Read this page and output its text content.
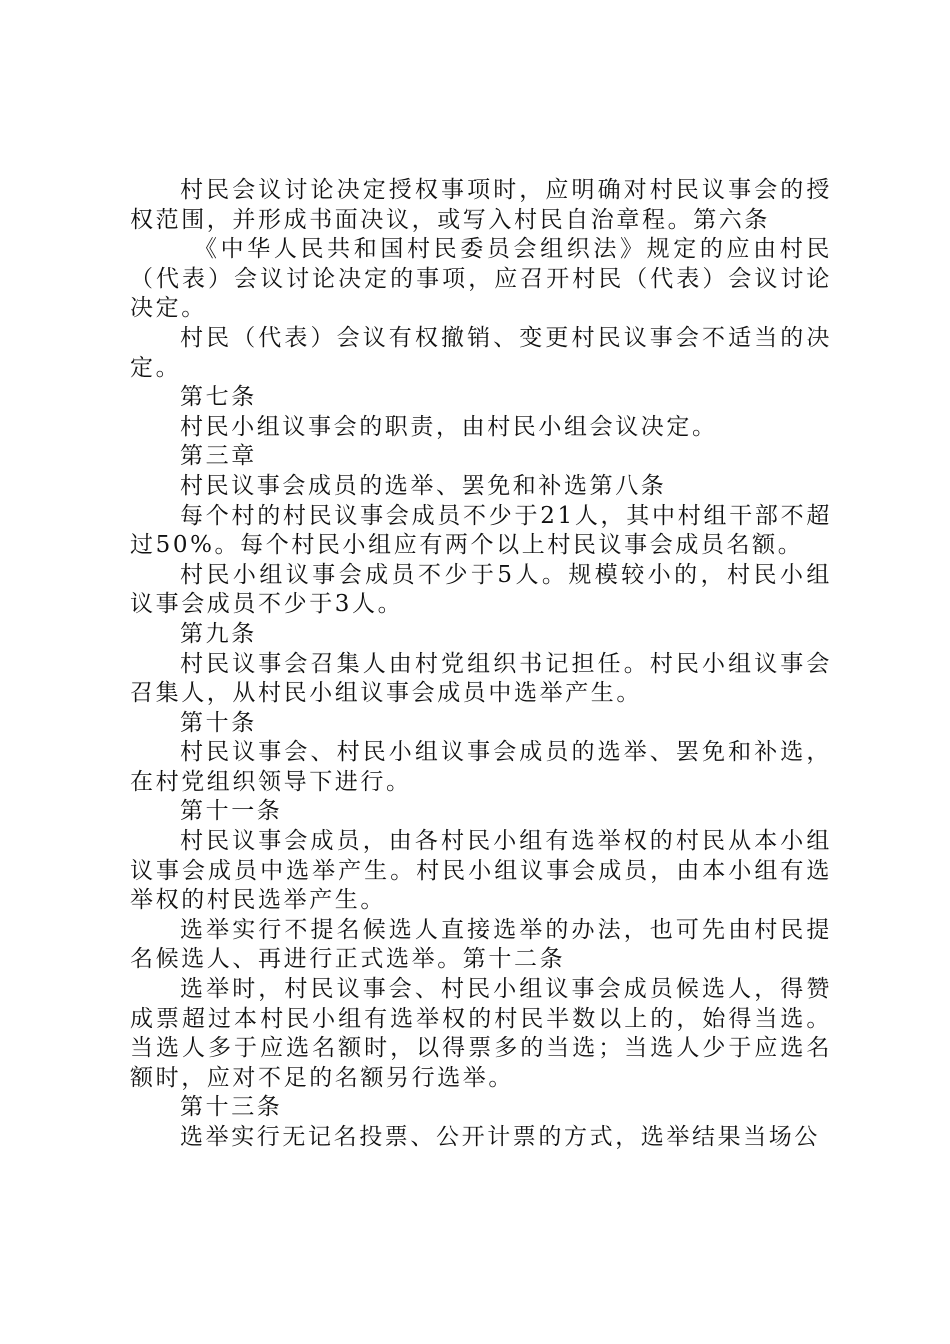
村民会议讨论决定授权事项时，应明确对村民议事会的授权范围，并形成书面决议，或写入村民自治章程。第六条

《中华人民共和国村民委员会组织法》规定的应由村民（代表）会议讨论决定的事项，应召开村民（代表）会议讨论决定。

村民（代表）会议有权撤销、变更村民议事会不适当的决定。

第七条

村民小组议事会的职责，由村民小组会议决定。

第三章

村民议事会成员的选举、罢免和补选第八条

每个村的村民议事会成员不少于21人，其中村组干部不超过50%。每个村民小组应有两个以上村民议事会成员名额。

村民小组议事会成员不少于5人。规模较小的，村民小组议事会成员不少于3人。

第九条

村民议事会召集人由村党组织书记担任。村民小组议事会召集人，从村民小组议事会成员中选举产生。

第十条

村民议事会、村民小组议事会成员的选举、罢免和补选，在村党组织领导下进行。

第十一条

村民议事会成员，由各村民小组有选举权的村民从本小组议事会成员中选举产生。村民小组议事会成员，由本小组有选举权的村民选举产生。

选举实行不提名候选人直接选举的办法，也可先由村民提名候选人、再进行正式选举。第十二条

选举时，村民议事会、村民小组议事会成员候选人，得赞成票超过本村民小组有选举权的村民半数以上的，始得当选。当选人多于应选名额时，以得票多的当选；当选人少于应选名额时，应对不足的名额另行选举。

第十三条

选举实行无记名投票、公开计票的方式，选举结果当场公
